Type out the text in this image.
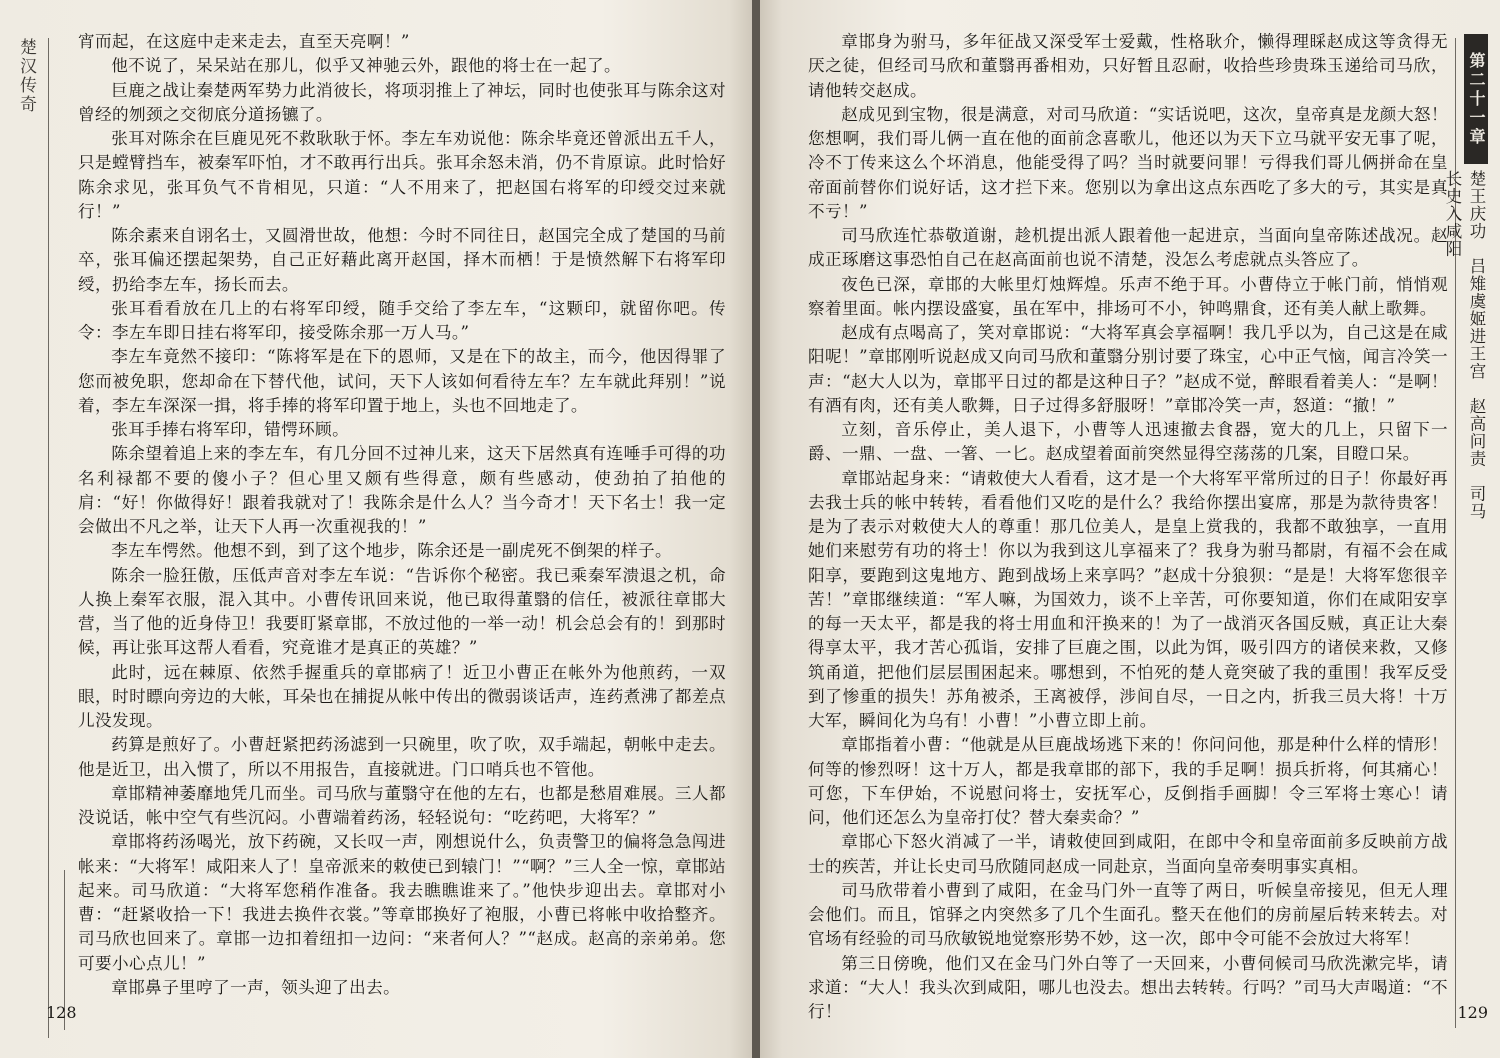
楚汉传奇	宵而起，在这庭中走来走去，直至天亮啊！”

他不说了，呆呆站在那儿，似乎又神驰云外，跟他的将士在一起了。

巨鹿之战让秦楚两军势力此消彼长，将项羽推上了神坛，同时也使张耳与陈余这对曾经的刎颈之交彻底分道扬镳了。

张耳对陈余在巨鹿见死不救耿耿于怀。李左车劝说他：陈余毕竟还曾派出五千人，只是螳臂挡车，被秦军吓怕，才不敢再行出兵。张耳余怒未消，仍不肯原谅。此时恰好陈余求见，张耳负气不肯相见，只道：“人不用来了，把赵国右将军的印绶交过来就行！”

陈余素来自诩名士，又圆滑世故，他想：今时不同往日，赵国完全成了楚国的马前卒，张耳偏还摆起架势，自己正好藉此离开赵国，择木而栖！于是愤然解下右将军印绶，扔给李左车，扬长而去。

张耳看看放在几上的右将军印绶，随手交给了李左车，“这颗印，就留你吧。传令：李左车即日挂右将军印，接受陈余那一万人马。”

李左车竟然不接印：“陈将军是在下的恩师，又是在下的故主，而今，他因得罪了您而被免职，您却命在下替代他，试问，天下人该如何看待左车？左车就此拜别！”说着，李左车深深一揖，将手捧的将军印置于地上，头也不回地走了。

张耳手捧右将军印，错愕环顾。

陈余望着追上来的李左车，有几分回不过神儿来，这天下居然真有连唾手可得的功名利禄都不要的傻小子？但心里又颇有些得意，颇有些感动，使劲拍了拍他的肩：“好！你做得好！跟着我就对了！我陈余是什么人？当今奇才！天下名士！我一定会做出不凡之举，让天下人再一次重视我的！”

李左车愕然。他想不到，到了这个地步，陈余还是一副虎死不倒架的样子。

陈余一脸狂傲，压低声音对李左车说：“告诉你个秘密。我已乘秦军溃退之机，命人换上秦军衣服，混入其中。小曹传讯回来说，他已取得董翳的信任，被派往章邯大营，当了他的近身侍卫！我要盯紧章邯，不放过他的一举一动！机会总会有的！到那时候，再让张耳这帮人看看，究竟谁才是真正的英雄？”

此时，远在棘原、依然手握重兵的章邯病了！近卫小曹正在帐外为他煎药，一双眼，时时瞟向旁边的大帐，耳朵也在捕捉从帐中传出的微弱谈话声，连药煮沸了都差点儿没发现。

药算是煎好了。小曹赶紧把药汤滤到一只碗里，吹了吹，双手端起，朝帐中走去。他是近卫，出入惯了，所以不用报告，直接就进。门口哨兵也不管他。

章邯精神萎靡地凭几而坐。司马欣与董翳守在他的左右，也都是愁眉难展。三人都没说话，帐中空气有些沉闷。小曹端着药汤，轻轻说句：“吃药吧，大将军？”

章邯将药汤喝光，放下药碗，又长叹一声，刚想说什么，负责警卫的偏将急急闯进帐来：“大将军！咸阳来人了！皇帝派来的敕使已到辕门！”“啊？”三人全一惊，章邯站起来。司马欣道：“大将军您稍作准备。我去瞧瞧谁来了。”他快步迎出去。章邯对小曹：“赶紧收拾一下！我进去换件衣裳。”等章邯换好了袍服，小曹已将帐中收拾整齐。司马欣也回来了。章邯一边扣着纽扣一边问：“来者何人？”“赵成。赵高的亲弟弟。您可要小心点儿！”

章邯鼻子里哼了一声，领头迎了出去。

128

章邯身为驸马，多年征战又深受军士爱戴，性格耿介，懒得理睬赵成这等贪得无厌之徒，但经司马欣和董翳再番相劝，只好暂且忍耐，收拾些珍贵珠玉递给司马欣，请他转交赵成。

赵成见到宝物，很是满意，对司马欣道：“实话说吧，这次，皇帝真是龙颜大怒！您想啊，我们哥儿俩一直在他的面前念喜歌儿，他还以为天下立马就平安无事了呢，冷不丁传来这么个坏消息，他能受得了吗？当时就要问罪！亏得我们哥儿俩拼命在皇帝面前替你们说好话，这才拦下来。您别以为拿出这点东西吃了多大的亏，其实是真不亏！”

司马欣连忙恭敬道谢，趁机提出派人跟着他一起进京，当面向皇帝陈述战况。赵成正琢磨这事恐怕自己在赵高面前也说不清楚，没怎么考虑就点头答应了。

夜色已深，章邯的大帐里灯烛辉煌。乐声不绝于耳。小曹侍立于帐门前，悄悄观察着里面。帐内摆设盛宴，虽在军中，排场可不小，钟鸣鼎食，还有美人献上歌舞。

赵成有点喝高了，笑对章邯说：“大将军真会享福啊！我几乎以为，自己这是在咸阳呢！”章邯刚听说赵成又向司马欣和董翳分别讨要了珠宝，心中正气恼，闻言冷笑一声：“赵大人以为，章邯平日过的都是这种日子？”赵成不觉，醉眼看着美人：“是啊！有酒有肉，还有美人歌舞，日子过得多舒服呀！”章邯冷笑一声，怒道：“撤！”

立刻，音乐停止，美人退下，小曹等人迅速撤去食器，宽大的几上，只留下一爵、一鼎、一盘、一箸、一匕。赵成望着面前突然显得空荡荡的几案，目瞪口呆。

章邯站起身来：“请敕使大人看看，这才是一个大将军平常所过的日子！你最好再去我士兵的帐中转转，看看他们又吃的是什么？我给你摆出宴席，那是为款待贵客！是为了表示对敕使大人的尊重！那几位美人，是皇上赏我的，我都不敢独享，一直用她们来慰劳有功的将士！你以为我到这儿享福来了？我身为驸马都尉，有福不会在咸阳享，要跑到这鬼地方、跑到战场上来享吗？”赵成十分狼狈：“是是！大将军您很辛苦！”章邯继续道：“军人嘛，为国效力，谈不上辛苦，可你要知道，你们在咸阳安享的每一天太平，都是我的将士用血和汗换来的！为了一战消灭各国反贼，真正让大秦得享太平，我才苦心孤诣，安排了巨鹿之围，以此为饵，吸引四方的诸侯来救，又修筑甬道，把他们层层围困起来。哪想到，不怕死的楚人竟突破了我的重围！我军反受到了惨重的损失！苏角被杀，王离被俘，涉间自尽，一日之内，折我三员大将！十万大军，瞬间化为乌有！小曹！”小曹立即上前。

章邯指着小曹：“他就是从巨鹿战场逃下来的！你问问他，那是种什么样的情形！何等的惨烈呀！这十万人，都是我章邯的部下，我的手足啊！损兵折将，何其痛心！可您，下车伊始，不说慰问将士，安抚军心，反倒指手画脚！令三军将士寒心！请问，他们还怎么为皇帝打仗？替大秦卖命？”

章邯心下怒火消减了一半，请敕使回到咸阳，在郎中令和皇帝面前多反映前方战士的疾苦，并让长史司马欣随同赵成一同赴京，当面向皇帝奏明事实真相。

司马欣带着小曹到了咸阳，在金马门外一直等了两日，听候皇帝接见，但无人理会他们。而且，馆驿之内突然多了几个生面孔。整天在他们的房前屋后转来转去。对官场有经验的司马欣敏锐地觉察形势不妙，这一次，郎中令可能不会放过大将军！

第三日傍晚，他们又在金马门外白等了一天回来，小曹伺候司马欣洗漱完毕，请求道：“大人！我头次到咸阳，哪儿也没去。想出去转转。行吗？”司马大声喝道：“不行！

第二十一章
楚王庆功　吕雉虞姬进王宫　赵高问责　司马长史入咸阳
129
